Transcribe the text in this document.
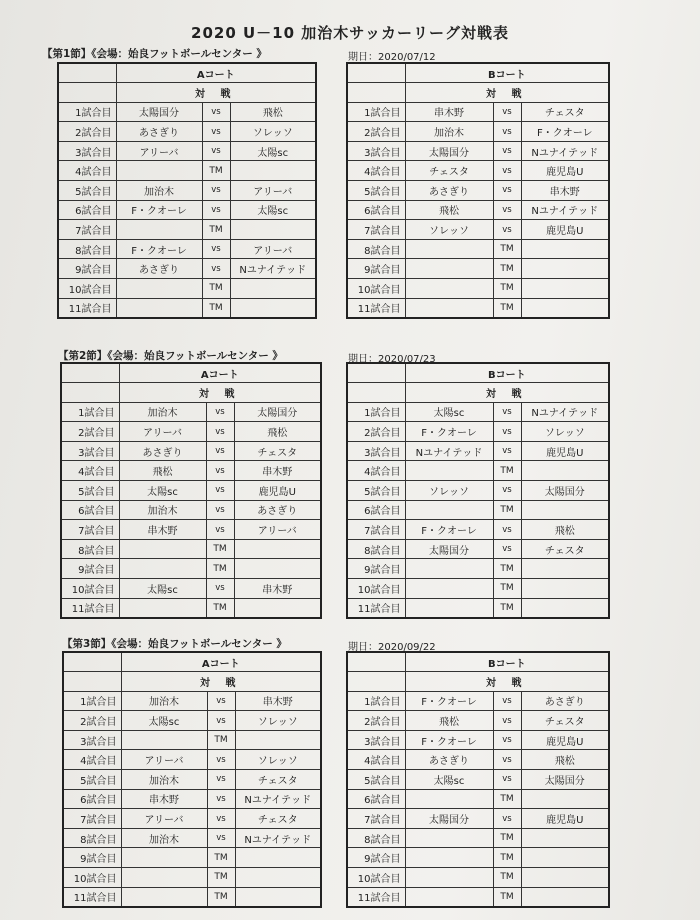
2020 U－10 加治木サッカーリーグ対戦表
【第1節】《会場：始良フットボールセンター 》	期日：2020/07/12
	Aコート		
	対 戦		
1試合目	太陽国分	vs	飛松
2試合目	あさぎり	vs	ソレッソ
3試合目	アリーバ	vs	太陽sc
4試合目		TM	
5試合目	加治木	vs	アリーバ
6試合目	F・クオーレ	vs	太陽sc
7試合目		TM	
8試合目	F・クオーレ	vs	アリーバ
9試合目	あさぎり	vs	Nユナイテッド
10試合目		TM	
11試合目		TM	
	Bコート		
	対 戦		
1試合目	串木野	vs	チェスタ
2試合目	加治木	vs	F・クオーレ
3試合目	太陽国分	vs	Nユナイテッド
4試合目	チェスタ	vs	鹿児島U
5試合目	あさぎり	vs	串木野
6試合目	飛松	vs	Nユナイテッド
7試合目	ソレッソ	vs	鹿児島U
8試合目		TM	
9試合目		TM	
10試合目		TM	
11試合目		TM	
【第2節】《会場：始良フットボールセンター 》	期日：2020/07/23
	Aコート		
	対 戦		
1試合目	加治木	vs	太陽国分
2試合目	アリーバ	vs	飛松
3試合目	あさぎり	vs	チェスタ
4試合目	飛松	vs	串木野
5試合目	太陽sc	vs	鹿児島U
6試合目	加治木	vs	あさぎり
7試合目	串木野	vs	アリーバ
8試合目		TM	
9試合目		TM	
10試合目	太陽sc	vs	串木野
11試合目		TM	
	Bコート		
	対 戦		
1試合目	太陽sc	vs	Nユナイテッド
2試合目	F・クオーレ	vs	ソレッソ
3試合目	Nユナイテッド	vs	鹿児島U
4試合目		TM	
5試合目	ソレッソ	vs	太陽国分
6試合目		TM	
7試合目	F・クオーレ	vs	飛松
8試合目	太陽国分	vs	チェスタ
9試合目		TM	
10試合目		TM	
11試合目		TM	
【第3節】《会場：始良フットボールセンター 》	期日：2020/09/22
	Aコート		
	対 戦		
1試合目	加治木	vs	串木野
2試合目	太陽sc	vs	ソレッソ
3試合目		TM	
4試合目	アリーバ	vs	ソレッソ
5試合目	加治木	vs	チェスタ
6試合目	串木野	vs	Nユナイテッド
7試合目	アリーバ	vs	チェスタ
8試合目	加治木	vs	Nユナイテッド
9試合目		TM	
10試合目		TM	
11試合目		TM	
	Bコート		
	対 戦		
1試合目	F・クオーレ	vs	あさぎり
2試合目	飛松	vs	チェスタ
3試合目	F・クオーレ	vs	鹿児島U
4試合目	あさぎり	vs	飛松
5試合目	太陽sc	vs	太陽国分
6試合目		TM	
7試合目	太陽国分	vs	鹿児島U
8試合目		TM	
9試合目		TM	
10試合目		TM	
11試合目		TM	
